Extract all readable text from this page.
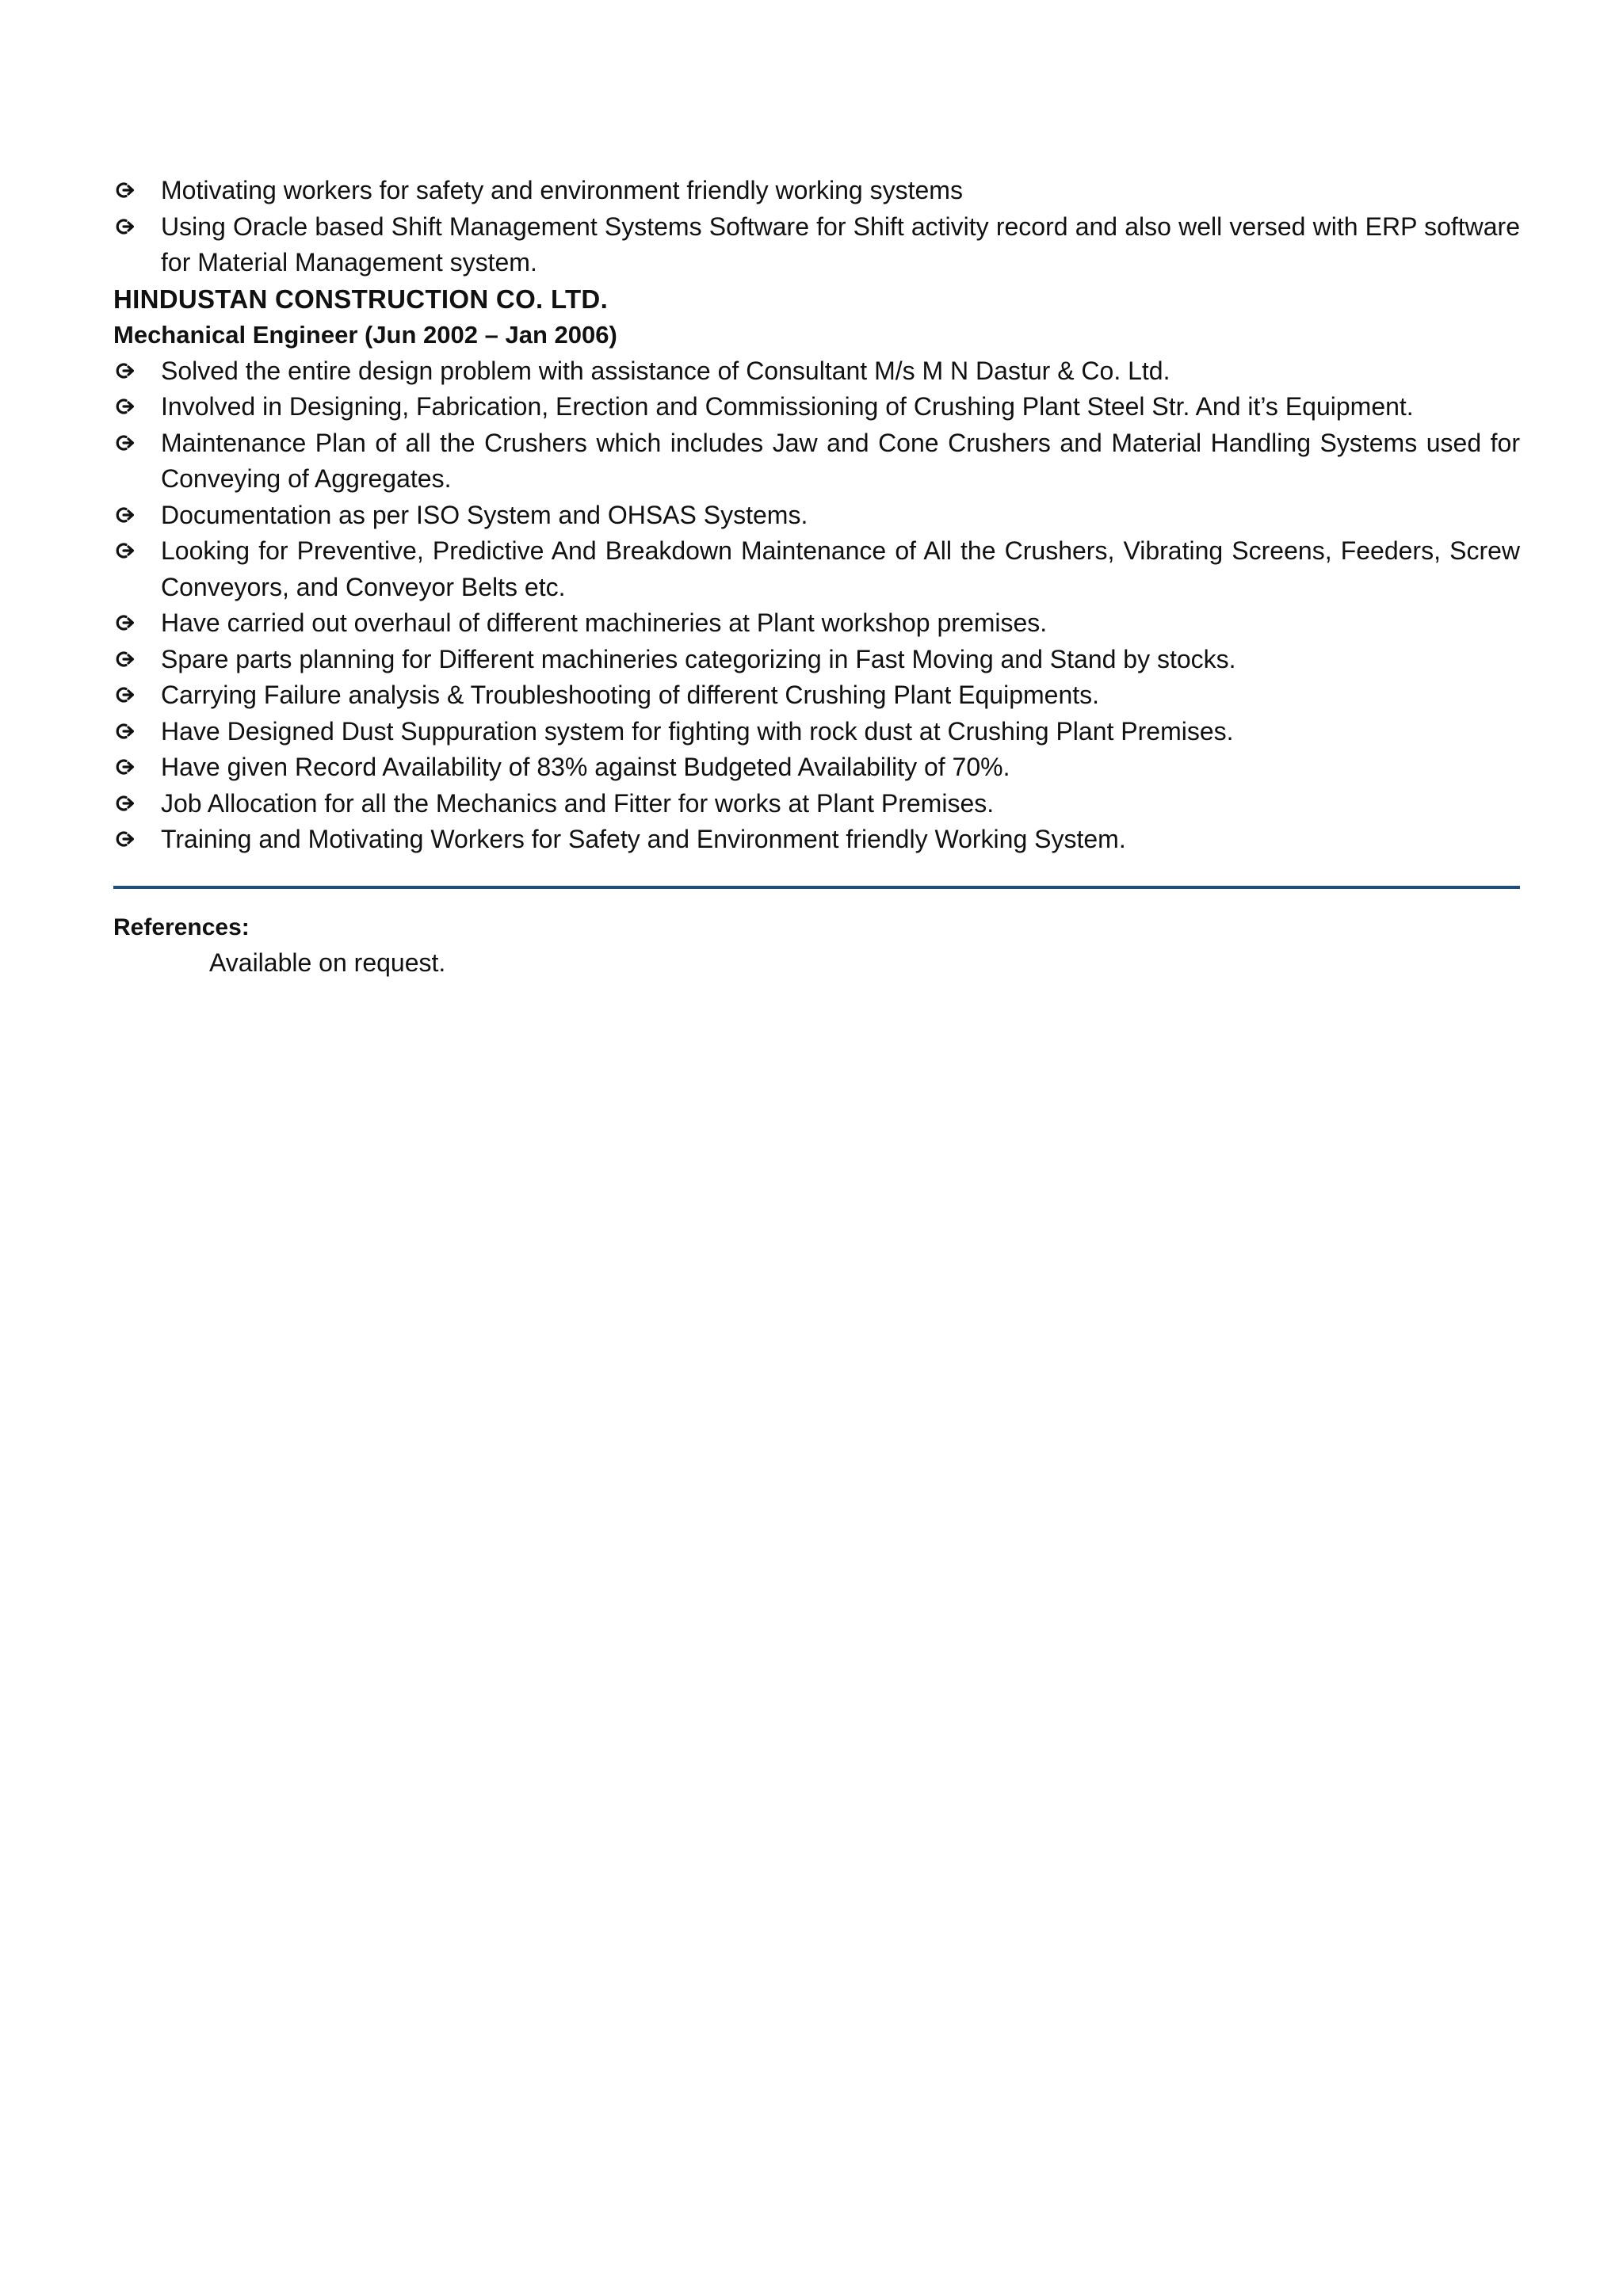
Motivating workers for safety and environment friendly working systems
Using Oracle based Shift Management Systems Software for Shift activity record and also well versed with ERP software for Material Management system.
HINDUSTAN CONSTRUCTION CO. LTD.
Mechanical Engineer (Jun 2002 – Jan 2006)
Solved the entire design problem with assistance of Consultant M/s M N Dastur & Co. Ltd.
Involved in Designing, Fabrication, Erection and Commissioning of Crushing Plant Steel Str. And it’s Equipment.
Maintenance Plan of all the Crushers which includes Jaw and Cone Crushers and Material Handling Systems used for Conveying of Aggregates.
Documentation as per ISO System and OHSAS Systems.
Looking for Preventive, Predictive And Breakdown Maintenance of All the Crushers, Vibrating Screens, Feeders, Screw Conveyors, and Conveyor Belts etc.
Have carried out overhaul of different machineries at Plant workshop premises.
Spare parts planning for Different machineries categorizing in Fast Moving and Stand by stocks.
Carrying Failure analysis & Troubleshooting of different Crushing Plant Equipments.
Have Designed Dust Suppuration system for fighting with rock dust at Crushing Plant Premises.
Have given Record Availability of 83% against Budgeted Availability of 70%.
Job Allocation for all the Mechanics and Fitter for works at Plant Premises.
Training and Motivating Workers for Safety and Environment friendly Working System.
References:
Available on request.
